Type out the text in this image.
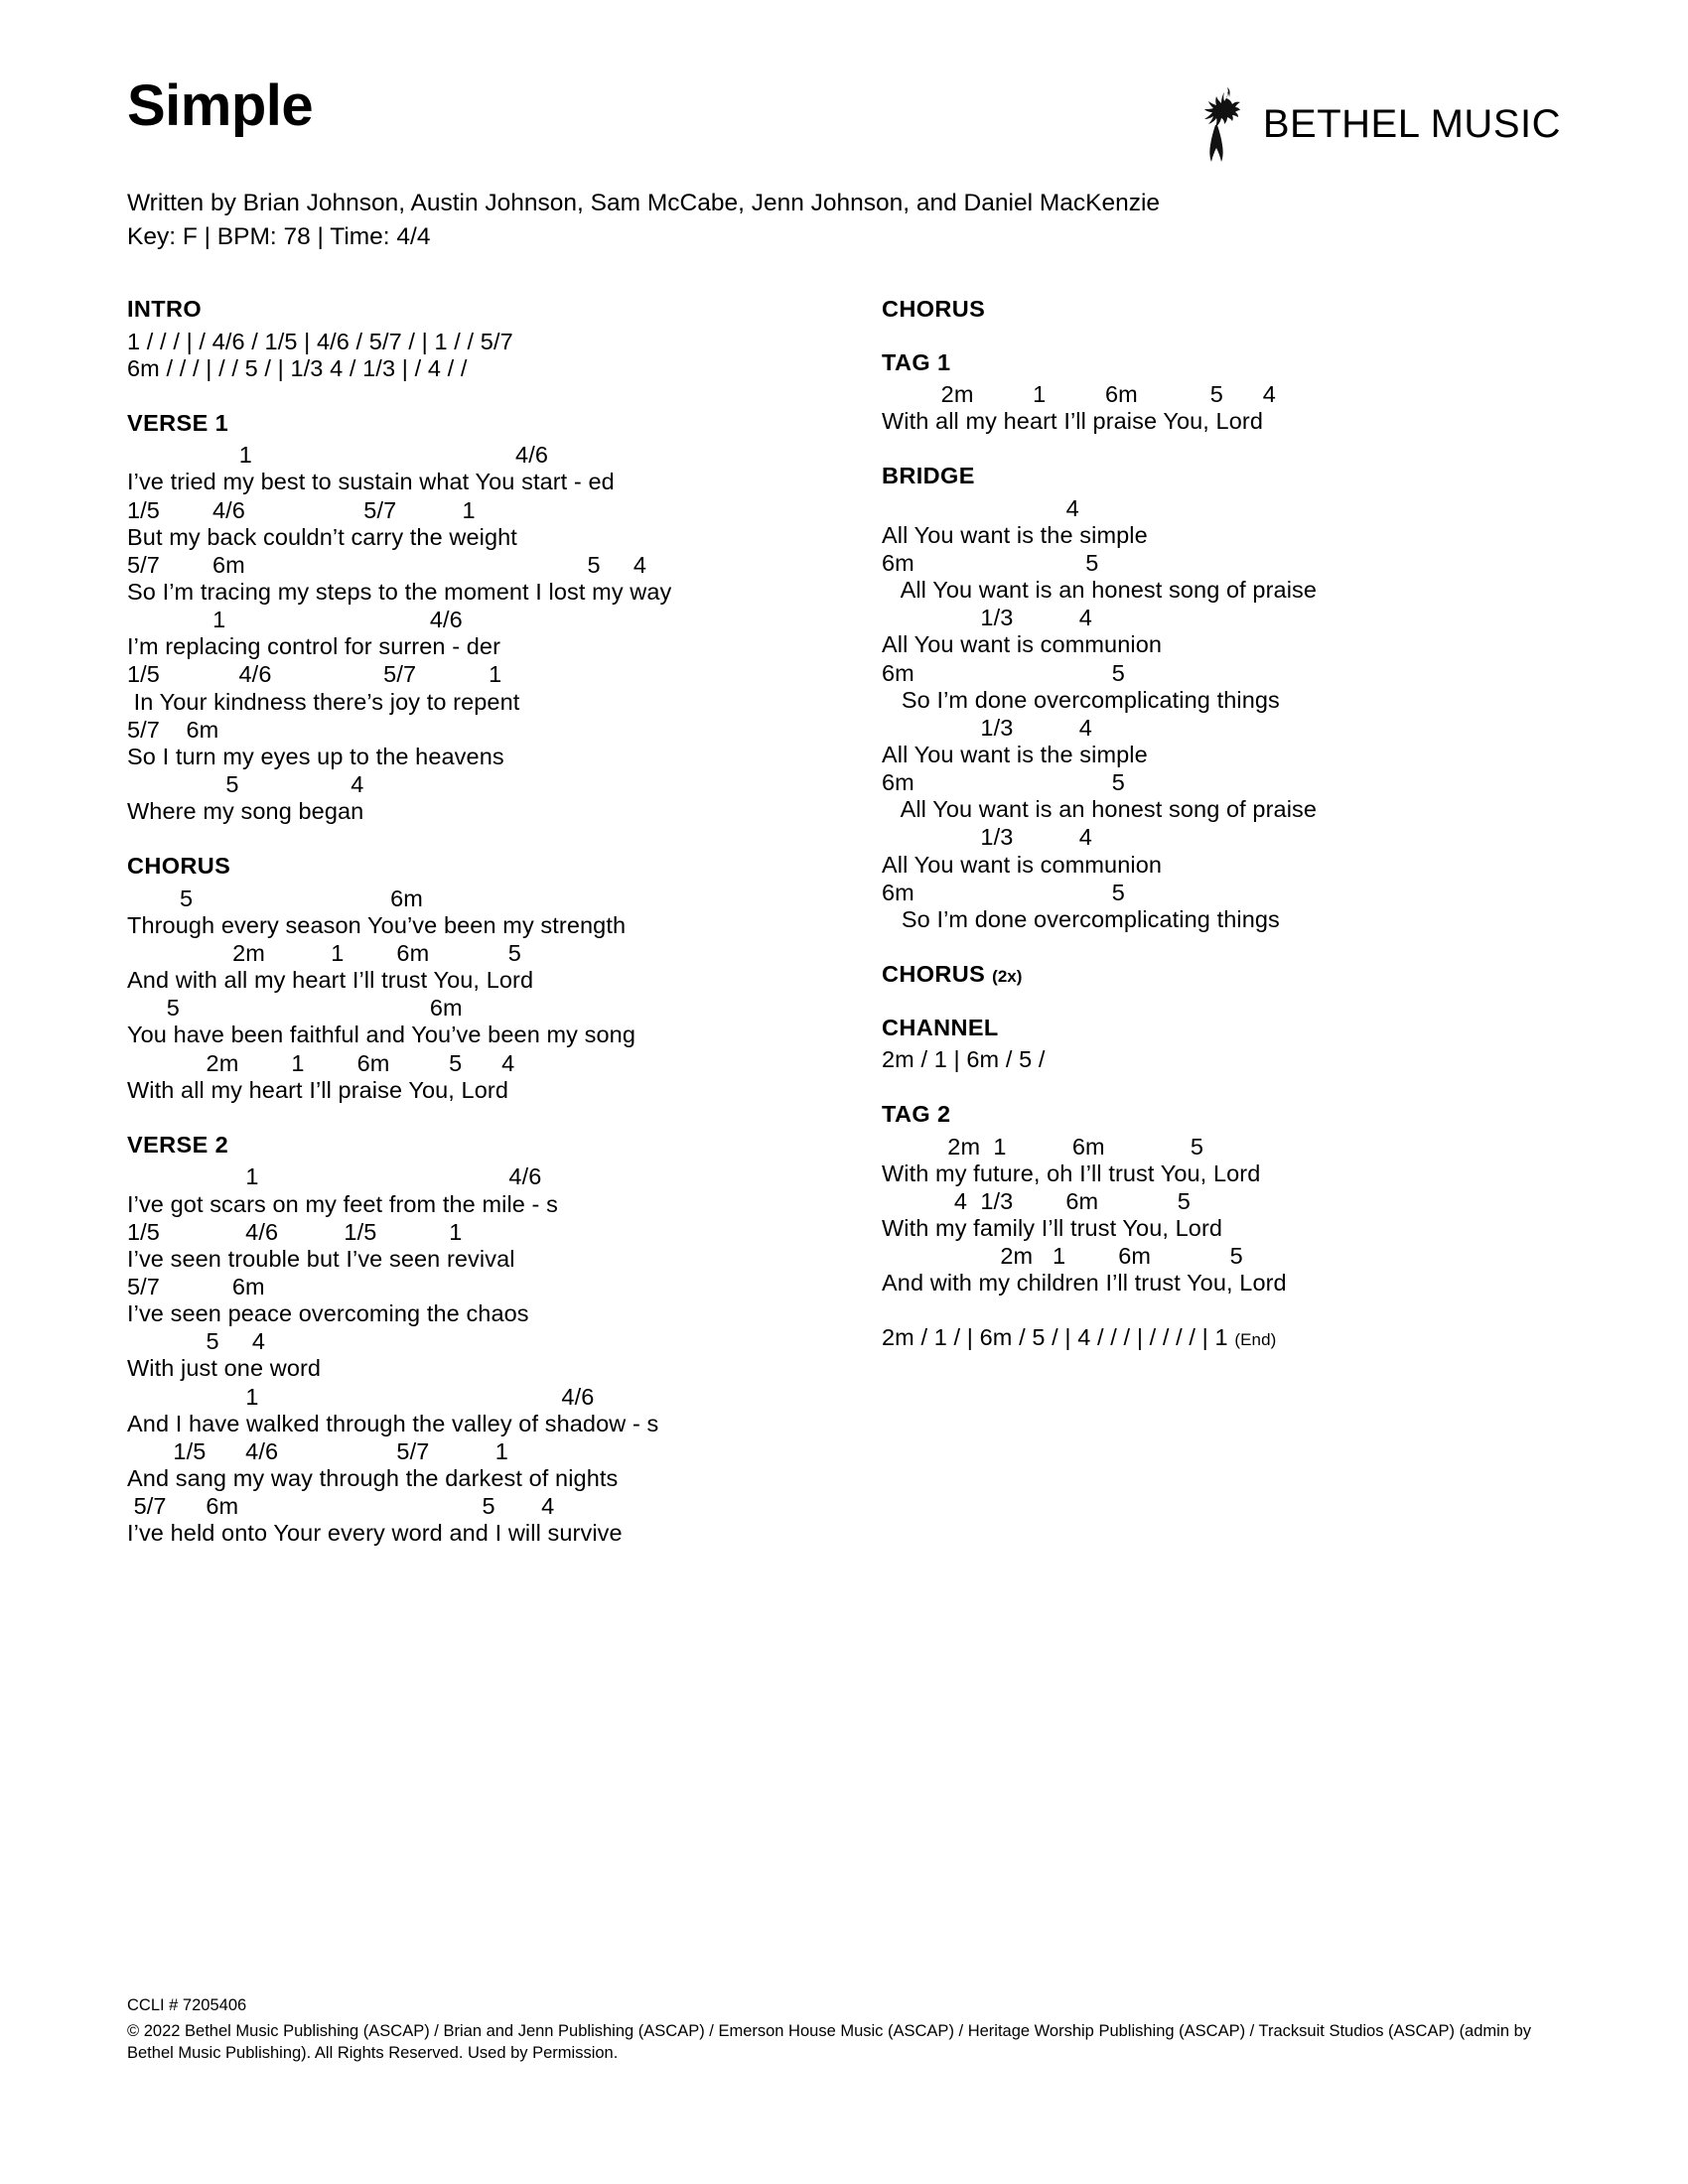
Simple	BETHEL MUSIC
Written by Brian Johnson, Austin Johnson, Sam McCabe, Jenn Johnson, and Daniel MacKenzie
Key: F | BPM: 78 | Time: 4/4
INTRO
1 / / / | / 4/6 / 1/5 | 4/6 / 5/7 / | 1 / / 5/7
6m / / / | / / 5 / | 1/3 4 / 1/3 | / 4 / /
VERSE 1
1                                        4/6
I’ve tried my best to sustain what You start - ed
1/5        4/6                  5/7          1
But my back couldn’t carry the weight
5/7        6m                                                    5     4
So I’m tracing my steps to the moment I lost my way
1                               4/6
I’m replacing control for surren - der
1/5            4/6                 5/7           1
In Your kindness there’s joy to repent
5/7    6m
So I turn my eyes up to the heavens
5                 4
Where my song began
CHORUS
5                              6m
Through every season You’ve been my strength
2m          1        6m            5
And with all my heart I’ll trust You, Lord
5                                      6m
You have been faithful and You’ve been my song
2m        1        6m         5      4
With all my heart I’ll praise You, Lord
VERSE 2
1                                      4/6
I’ve got scars on my feet from the mile - s
1/5             4/6          1/5           1
I’ve seen trouble but I’ve seen revival
5/7           6m
I’ve seen peace overcoming the chaos
5     4
With just one word
1                                              4/6
And I have walked through the valley of shadow - s
1/5      4/6                  5/7          1
And sang my way through the darkest of nights
5/7      6m                                     5       4
I’ve held onto Your every word and I will survive
CHORUS
TAG 1
2m         1         6m           5      4
With all my heart I’ll praise You, Lord
BRIDGE
4
All You want is the simple
6m                          5
All You want is an honest song of praise
1/3          4
All You want is communion
6m                              5
So I’m done overcomplicating things
1/3          4
All You want is the simple
6m                              5
All You want is an honest song of praise
1/3          4
All You want is communion
6m                              5
So I’m done overcomplicating things
CHORUS (2x)
CHANNEL
2m / 1 | 6m / 5 /
TAG 2
2m  1          6m             5
With my future, oh I’ll trust You, Lord
4  1/3        6m            5
With my family I’ll trust You, Lord
2m   1        6m            5
And with my children I’ll trust You, Lord
2m / 1 / | 6m / 5 / | 4 / / / | / / / / | 1 (End)
CCLI # 7205406
© 2022 Bethel Music Publishing (ASCAP) / Brian and Jenn Publishing (ASCAP) / Emerson House Music (ASCAP) / Heritage Worship Publishing (ASCAP) / Tracksuit Studios (ASCAP) (admin by Bethel Music Publishing). All Rights Reserved. Used by Permission.
